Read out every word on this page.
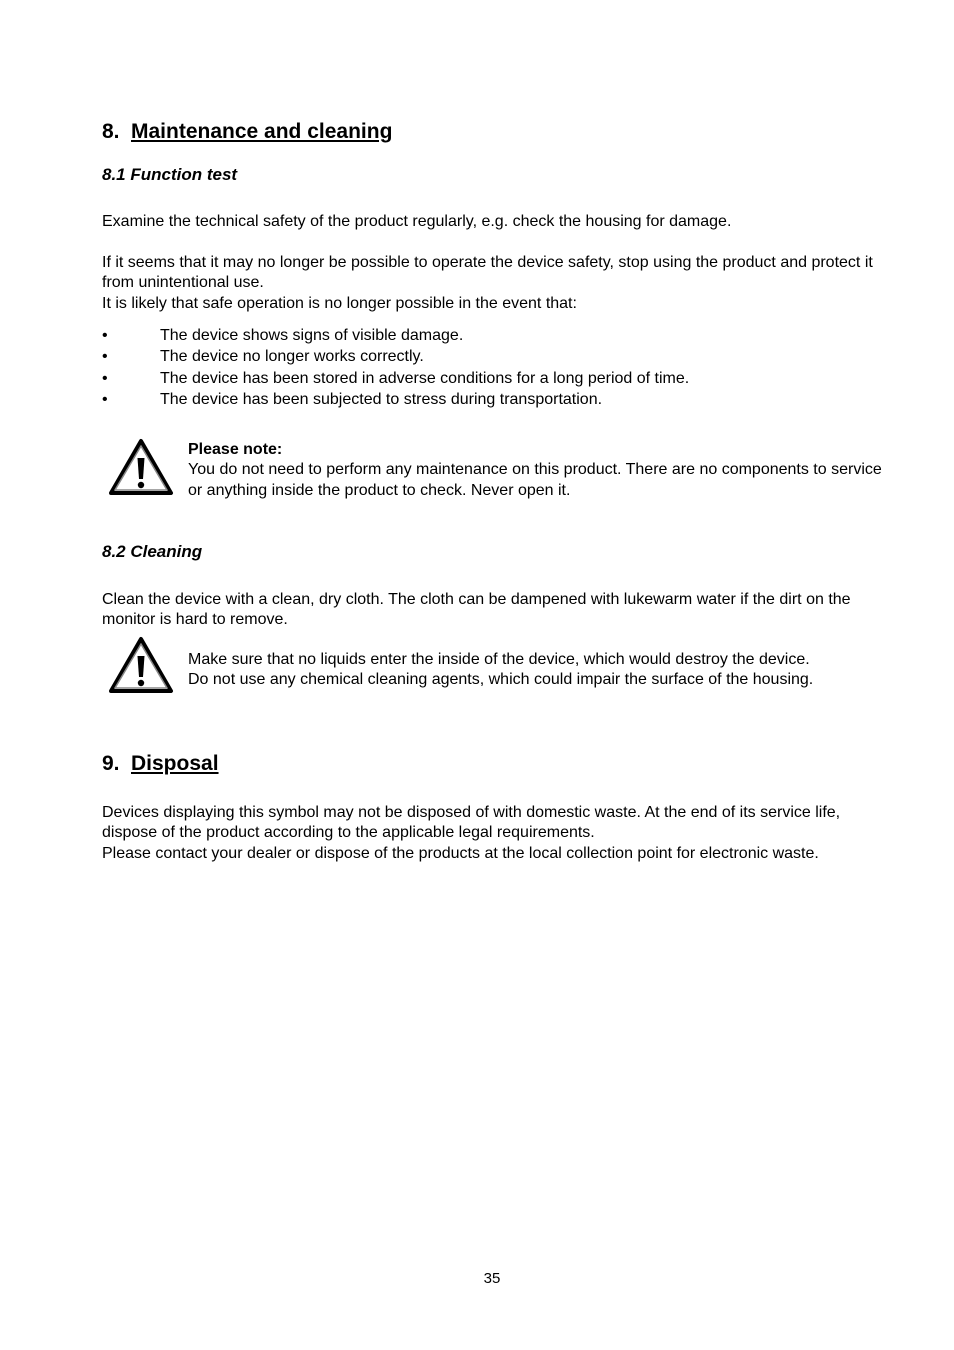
8. Maintenance and cleaning
8.1 Function test

Examine the technical safety of the product regularly, e.g. check the housing for damage.

If it seems that it may no longer be possible to operate the device safety, stop using the product and protect it from unintentional use.

It is likely that safe operation is no longer possible in the event that:

•	The device shows signs of visible damage.
•	The device no longer works correctly.
•	The device has been stored in adverse conditions for a long period of time.
•	The device has been subjected to stress during transportation.

Please note:

You do not need to perform any maintenance on this product. There are no components to service or anything inside the product to check. Never open it.

8.2 Cleaning

Clean the device with a clean, dry cloth. The cloth can be dampened with lukewarm water if the dirt on the monitor is hard to remove.

Make sure that no liquids enter the inside of the device, which would destroy the device.

Do not use any chemical cleaning agents, which could impair the surface of the housing.

9. Disposal

Devices displaying this symbol may not be disposed of with domestic waste. At the end of its service life, dispose of the product according to the applicable legal requirements.

Please contact your dealer or dispose of the products at the local collection point for electronic waste.

35
